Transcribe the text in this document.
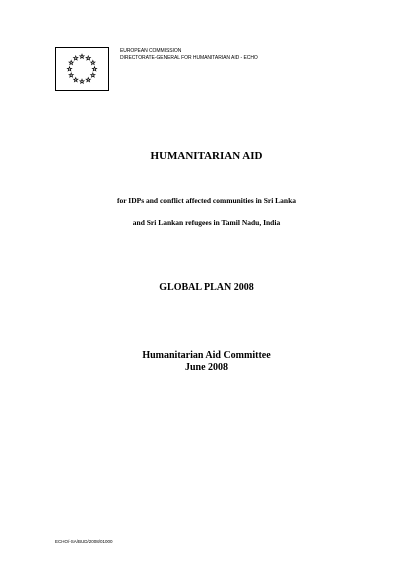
EUROPEAN COMMISSION
DIRECTORATE-GENERAL FOR HUMANITARIAN AID - ECHO
HUMANITARIAN AID
for IDPs and conflict affected communities in Sri Lanka
and Sri Lankan refugees in Tamil Nadu, India
GLOBAL PLAN 2008
Humanitarian Aid Committee
June 2008
ECHO/-SA/BUD/2008/01000
